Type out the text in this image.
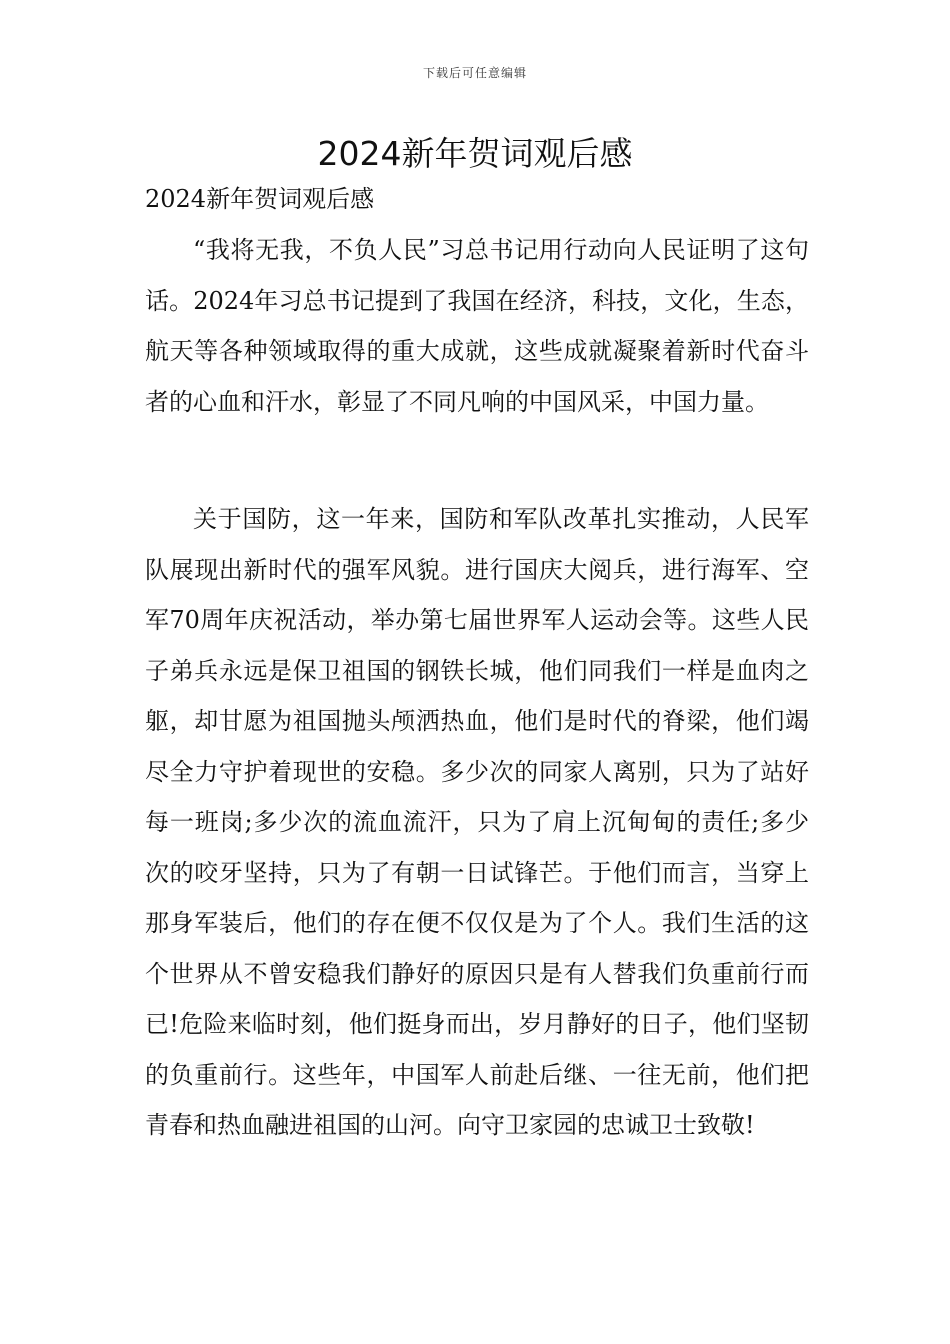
下载后可任意编辑
2024新年贺词观后感

2024新年贺词观后感

“我将无我，不负人民”习总书记用行动向人民证明了这句话。2024年习总书记提到了我国在经济，科技，文化，生态，航天等各种领域取得的重大成就，这些成就凝聚着新时代奋斗者的心血和汗水，彰显了不同凡响的中国风采，中国力量。

关于国防，这一年来，国防和军队改革扎实推动，人民军队展现出新时代的强军风貌。进行国庆大阅兵，进行海军、空军70周年庆祝活动，举办第七届世界军人运动会等。这些人民子弟兵永远是保卫祖国的钢铁长城，他们同我们一样是血肉之躯，却甘愿为祖国抛头颅洒热血，他们是时代的脊梁，他们竭尽全力守护着现世的安稳。多少次的同家人离别，只为了站好每一班岗;多少次的流血流汗，只为了肩上沉甸甸的责任;多少次的咬牙坚持，只为了有朝一日试锋芒。于他们而言，当穿上那身军装后，他们的存在便不仅仅是为了个人。我们生活的这个世界从不曾安稳我们静好的原因只是有人替我们负重前行而已!危险来临时刻，他们挺身而出，岁月静好的日子，他们坚韧的负重前行。这些年，中国军人前赴后继、一往无前，他们把青春和热血融进祖国的山河。向守卫家园的忠诚卫士致敬!
